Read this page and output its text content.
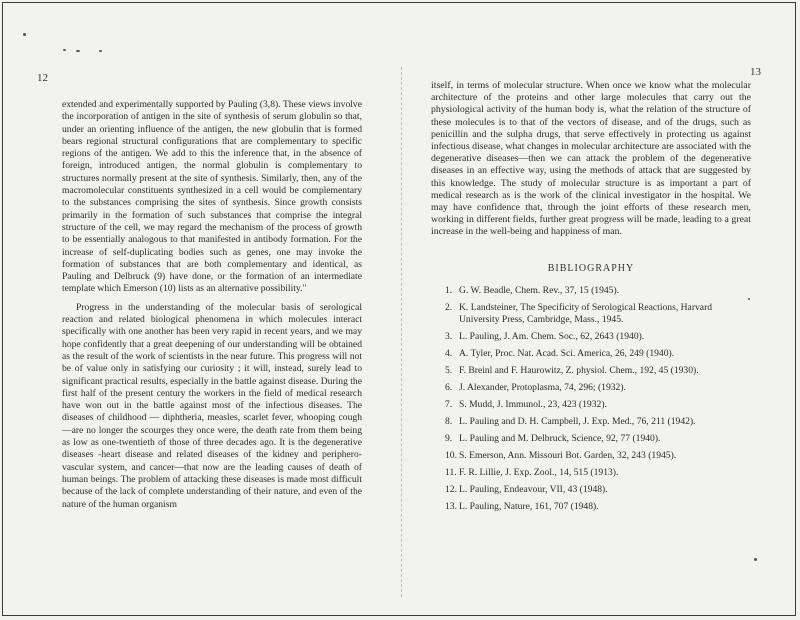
12	13

extended and experimentally supported by Pauling (3,8). These views involve the incorporation of antigen in the site of synthesis of serum globulin so that, under an orienting influence of the antigen, the new globulin that is formed bears regional structural configurations that are complementary to specific regions of the antigen. We add to this the inference that, in the absence of foreign, introduced antigen, the normal globulin is complementary to structures normally present at the site of synthesis. Similarly, then, any of the macromolecular constituents synthesized in a cell would be complementary to the substances comprising the sites of synthesis. Since growth consists primarily in the formation of such substances that comprise the integral structure of the cell, we may regard the mechanism of the process of growth to be essentially analogous to that manifested in antibody formation. For the increase of self-duplicating bodies such as genes, one may invoke the formation of substances that are both complementary and identical, as Pauling and Delbruck (9) have done, or the formation of an intermediate template which Emerson (10) lists as an alternative possibility."

Progress in the understanding of the molecular basis of serological reaction and related biological phenomena in which molecules interact specifically with one another has been very rapid in recent years, and we may hope confidently that a great deepening of our understanding will be obtained as the result of the work of scientists in the near future. This progress will not be of value only in satisfying our curiosity ; it will, instead, surely lead to significant practical results, especially in the battle against disease. During the first half of the present century the workers in the field of medical research have won out in the battle against most of the infectious diseases. The diseases of childhood — diphtheria, measles, scarlet fever, whooping cough—are no longer the scourges they once were, the death rate from them being as low as one-twentieth of those of three decades ago. It is the degenerative diseases -heart disease and related diseases of the kidney and periphero-vascular system, and cancer—that now are the leading causes of death of human beings. The problem of attacking these diseases is made most difficult because of the lack of complete understanding of their nature, and even of the nature of the human organism

itself, in terms of molecular structure. When once we know what the molecular architecture of the proteins and other large molecules that carry out the physiological activity of the human body is, what the relation of the structure of these molecules is to that of the vectors of disease, and of the drugs, such as penicillin and the sulpha drugs, that serve effectively in protecting us against infectious disease, what changes in molecular architecture are associated with the degenerative diseases—then we can attack the problem of the degenerative diseases in an effective way, using the methods of attack that are suggested by this knowledge. The study of molecular structure is as important a part of medical research as is the work of the clinical investigator in the hospital. We may have confidence that, through the joint efforts of these research men, working in different fields, further great progress will be made, leading to a great increase in the well-being and happiness of man.

BIBLIOGRAPHY
1. G. W. Beadle, Chem. Rev., 37, 15 (1945).
2. K. Landsteiner, The Specificity of Serological Reactions, Harvard University Press, Cambridge, Mass., 1945.
3. L. Pauling, J. Am. Chem. Soc., 62, 2643 (1940).
4. A. Tyler, Proc. Nat. Acad. Sci. America, 26, 249 (1940).
5. F. Breinl and F. Haurowitz, Z. physiol. Chem., 192, 45 (1930).
6. J. Alexander, Protoplasma, 74, 296; (1932).
7. S. Mudd, J. Immunol., 23, 423 (1932).
8. L. Pauling and D. H. Campbell, J. Exp. Med., 76, 211 (1942).
9. L. Pauling and M. Delbruck, Science, 92, 77 (1940).
10. S. Emerson, Ann. Missouri Bot. Garden, 32, 243 (1945).
11. F. R. Lillie, J. Exp. Zool., 14, 515 (1913).
12. L. Pauling, Endeavour, VII, 43 (1948).
13. L. Pauling, Nature, 161, 707 (1948).
